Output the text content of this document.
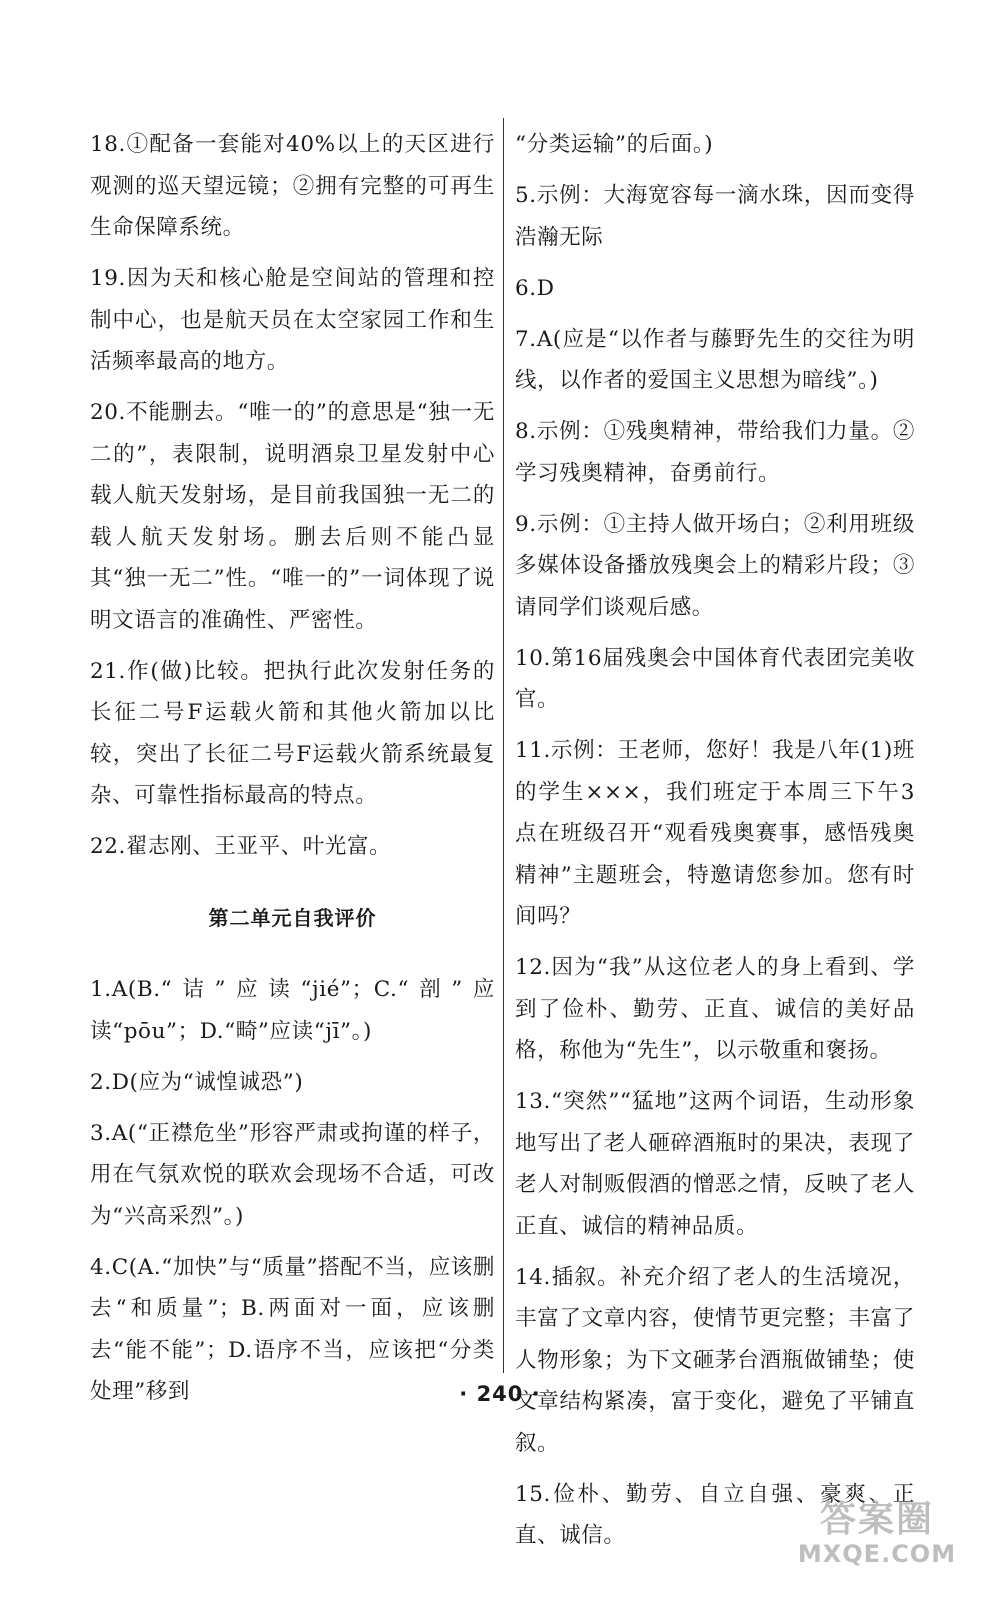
18.①配备一套能对40%以上的天区进行观测的巡天望远镜；②拥有完整的可再生生命保障系统。
19.因为天和核心舱是空间站的管理和控制中心，也是航天员在太空家园工作和生活频率最高的地方。
20.不能删去。“唯一的”的意思是“独一无二的”，表限制，说明酒泉卫星发射中心载人航天发射场，是目前我国独一无二的载人航天发射场。删去后则不能凸显其“独一无二”性。“唯一的”一词体现了说明文语言的准确性、严密性。
21.作(做)比较。把执行此次发射任务的长征二号F运载火箭和其他火箭加以比较，突出了长征二号F运载火箭系统最复杂、可靠性指标最高的特点。
22.翟志刚、王亚平、叶光富。
第二单元自我评价
1.A(B.“诘”应读“jié”；C.“剖”应读“pōu”；D.“畸”应读“jī”。)
2.D(应为“诚惶诚恐”)
3.A(“正襟危坐”形容严肃或拘谨的样子，用在气氛欢悦的联欢会现场不合适，可改为“兴高采烈”。)
4.C(A.“加快”与“质量”搭配不当，应该删去“和质量”；B.两面对一面，应该删去“能不能”；D.语序不当，应该把“分类处理”移到
“分类运输”的后面。)
5.示例：大海宽容每一滴水珠，因而变得浩瀚无际
6.D
7.A(应是“以作者与藤野先生的交往为明线，以作者的爱国主义思想为暗线”。)
8.示例：①残奥精神，带给我们力量。②学习残奥精神，奋勇前行。
9.示例：①主持人做开场白；②利用班级多媒体设备播放残奥会上的精彩片段；③请同学们谈观后感。
10.第16届残奥会中国体育代表团完美收官。
11.示例：王老师，您好！我是八年(1)班的学生×××，我们班定于本周三下午3点在班级召开“观看残奥赛事，感悟残奥精神”主题班会，特邀请您参加。您有时间吗？
12.因为“我”从这位老人的身上看到、学到了俭朴、勤劳、正直、诚信的美好品格，称他为“先生”，以示敬重和褒扬。
13.“突然”“猛地”这两个词语，生动形象地写出了老人砸碎酒瓶时的果决，表现了老人对制贩假酒的憎恶之情，反映了老人正直、诚信的精神品质。
14.插叙。补充介绍了老人的生活境况，丰富了文章内容，使情节更完整；丰富了人物形象；为下文砸茅台酒瓶做铺垫；使文章结构紧凑，富于变化，避免了平铺直叙。
15.俭朴、勤劳、自立自强、豪爽、正直、诚信。
· 240 ·
答案圈
MXQE.COM
